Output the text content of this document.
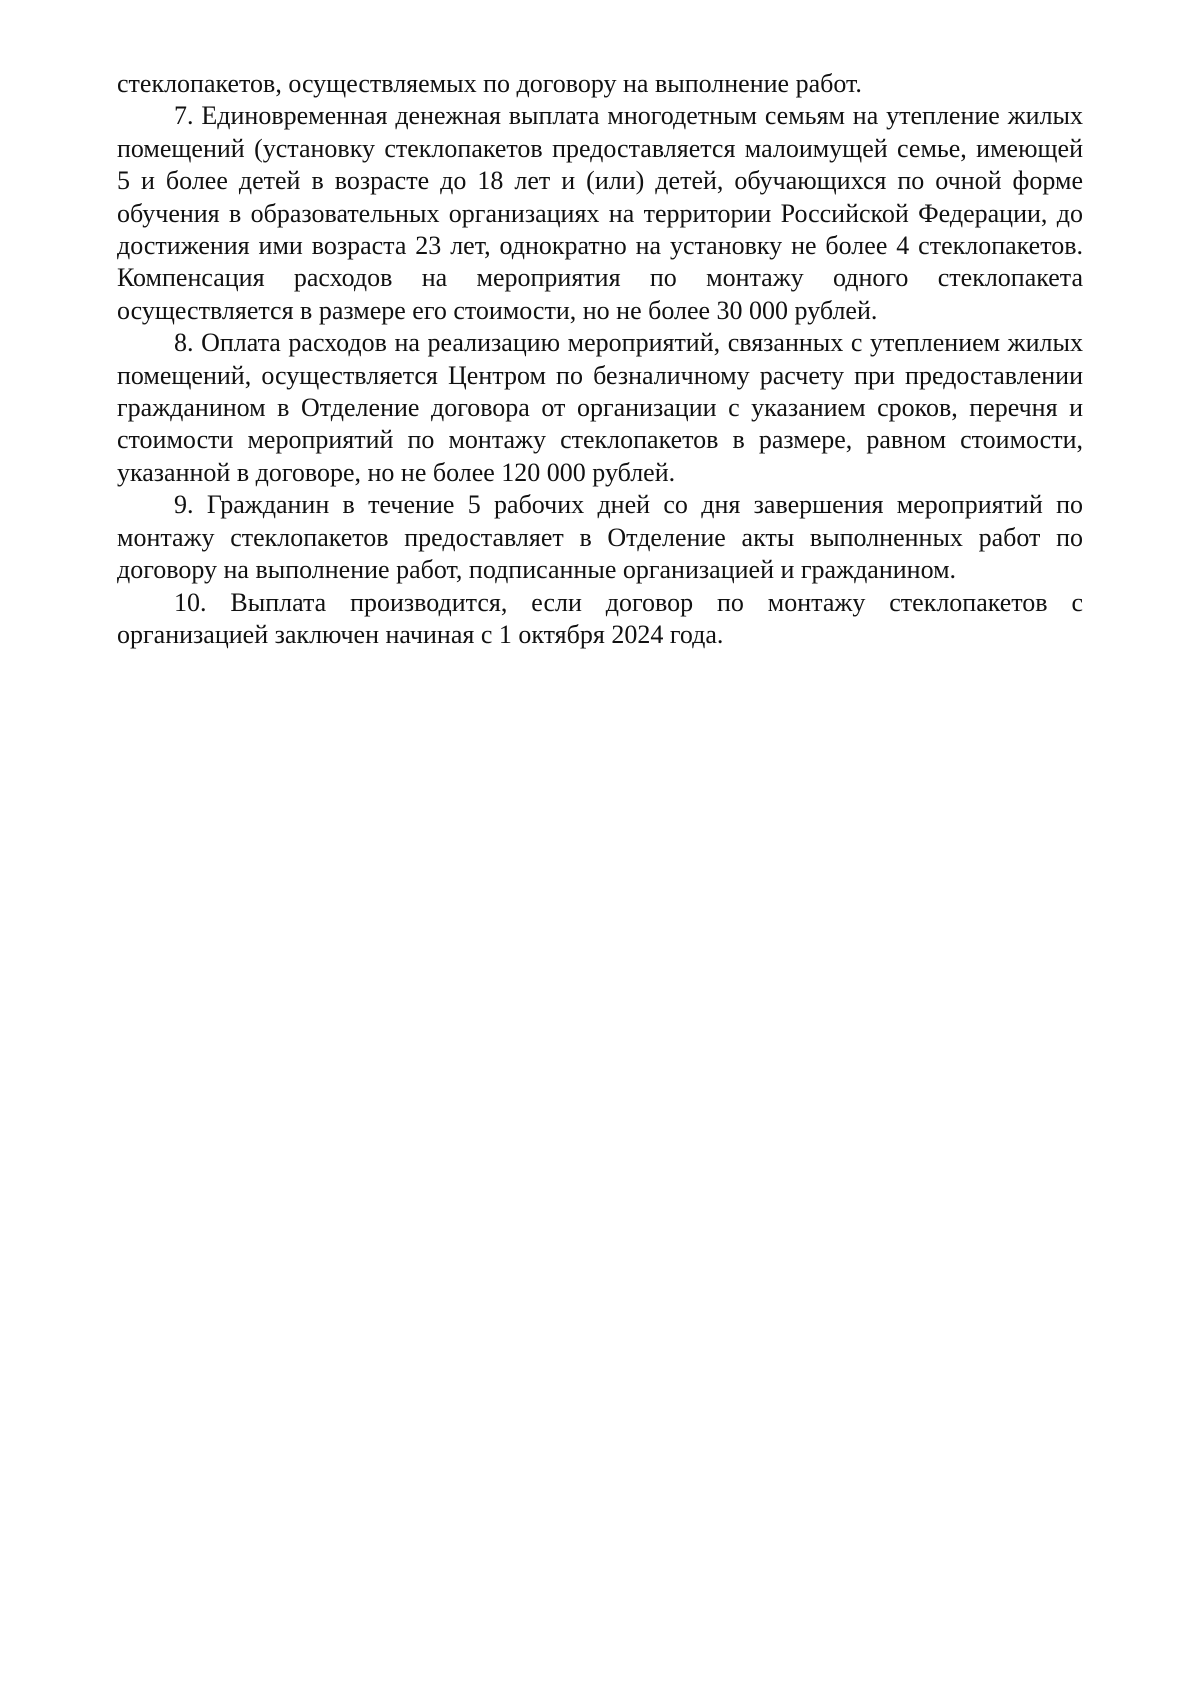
стеклопакетов, осуществляемых по договору на выполнение работ.

7. Единовременная денежная выплата многодетным семьям на утепление жилых помещений (установку стеклопакетов предоставляется малоимущей семье, имеющей 5 и более детей в возрасте до 18 лет и (или) детей, обучающихся по очной форме обучения в образовательных организациях на территории Российской Федерации, до достижения ими возраста 23 лет, однократно на установку не более 4 стеклопакетов. Компенсация расходов на мероприятия по монтажу одного стеклопакета осуществляется в размере его стоимости, но не более 30 000 рублей.

8. Оплата расходов на реализацию мероприятий, связанных с утеплением жилых помещений, осуществляется Центром по безналичному расчету при предоставлении гражданином в Отделение договора от организации с указанием сроков, перечня и стоимости мероприятий по монтажу стеклопакетов в размере, равном стоимости, указанной в договоре, но не более 120 000 рублей.

9. Гражданин в течение 5 рабочих дней со дня завершения мероприятий по монтажу стеклопакетов предоставляет в Отделение акты выполненных работ по договору на выполнение работ, подписанные организацией и гражданином.

10. Выплата производится, если договор по монтажу стеклопакетов с организацией заключен начиная с 1 октября 2024 года.
